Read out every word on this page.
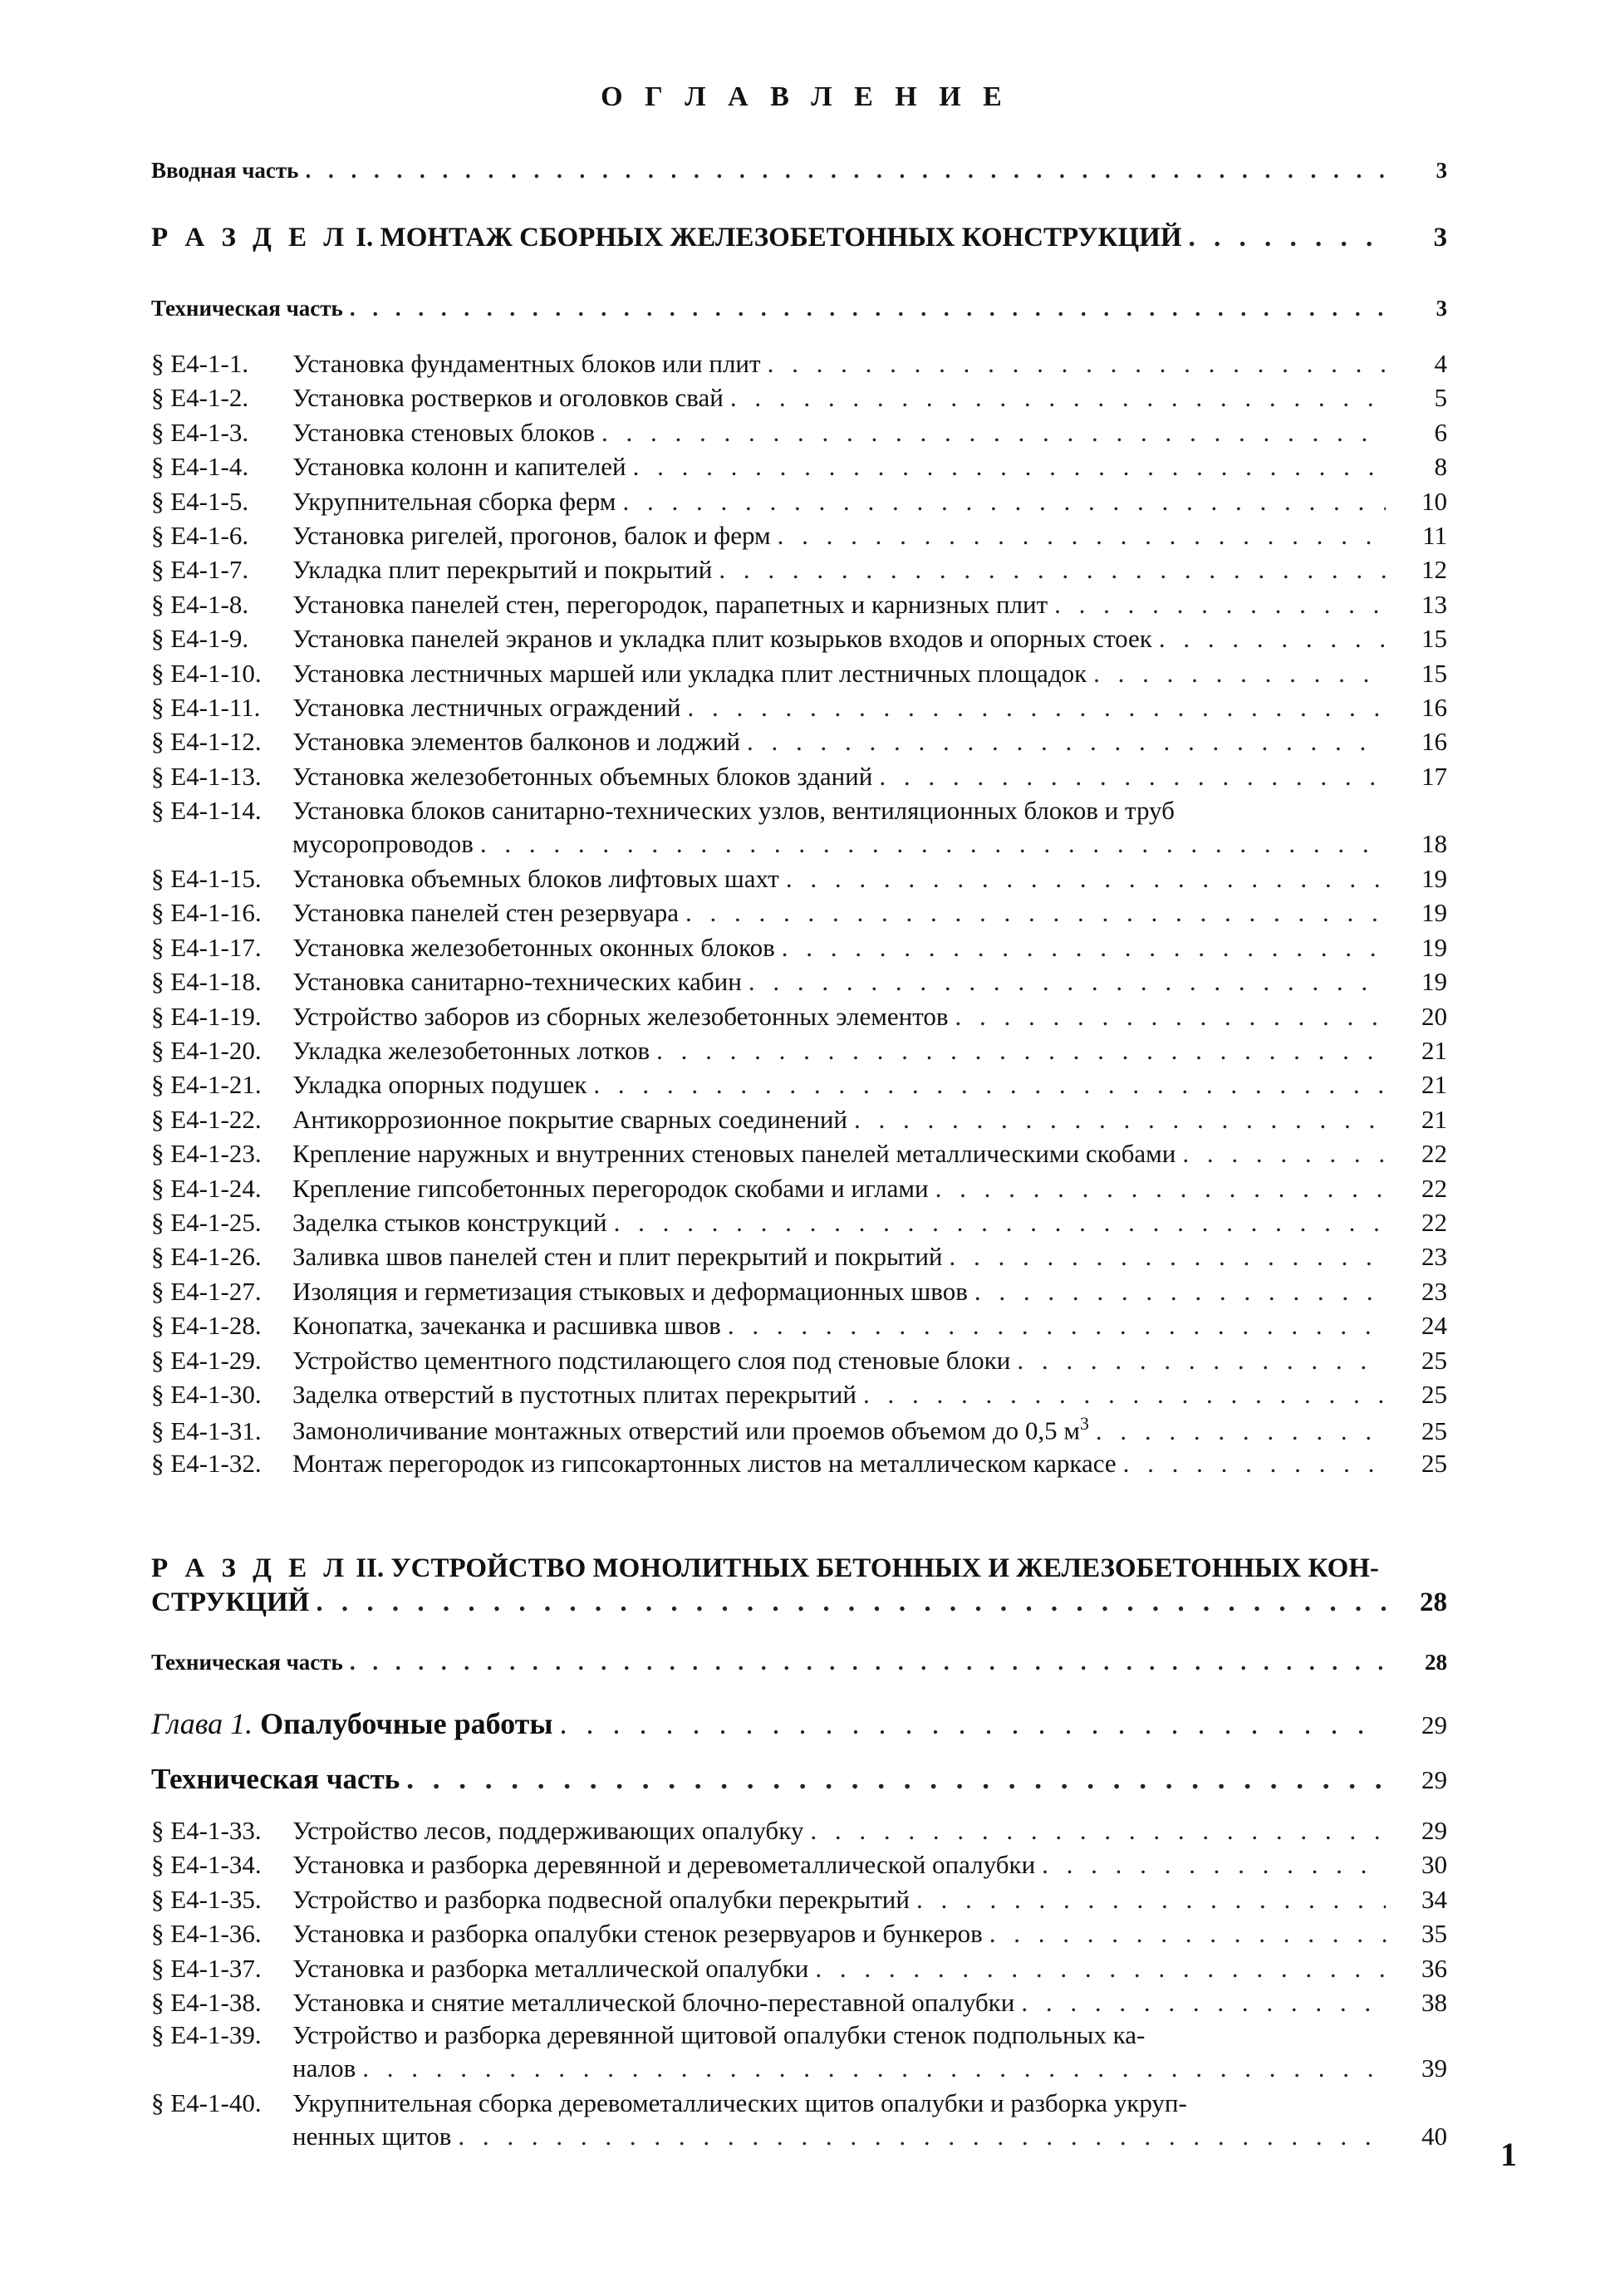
О Г Л А В Л Е Н И Е
Вводная часть . . .	3
Р А З Д Е Л I. МОНТАЖ СБОРНЫХ ЖЕЛЕЗОБЕТОННЫХ КОНСТРУКЦИЙ . . .	3
Техническая часть . . .	3
§ Е4-1-1. Установка фундаментных блоков или плит . . .	4
§ Е4-1-2. Установка ростверков и оголовков свай . . .	5
§ Е4-1-3. Установка стеновых блоков . . .	6
§ Е4-1-4. Установка колонн и капителей . . .	8
§ Е4-1-5. Укрупнительная сборка ферм . . .	10
§ Е4-1-6. Установка ригелей, прогонов, балок и ферм . . .	11
§ Е4-1-7. Укладка плит перекрытий и покрытий . . .	12
§ Е4-1-8. Установка панелей стен, перегородок, парапетных и карнизных плит . . .	13
§ Е4-1-9. Установка панелей экранов и укладка плит козырьков входов и опорных стоек . . .	15
§ Е4-1-10. Установка лестничных маршей или укладка плит лестничных площадок . . .	15
§ Е4-1-11. Установка лестничных ограждений . . .	16
§ Е4-1-12. Установка элементов балконов и лоджий . . .	16
§ Е4-1-13. Установка железобетонных объемных блоков зданий . . .	17
§ Е4-1-14. Установка блоков санитарно-технических узлов, вентиляционных блоков и труб
мусоропроводов . . .	18
§ Е4-1-15. Установка объемных блоков лифтовых шахт . . .	19
§ Е4-1-16. Установка панелей стен резервуара . . .	19
§ Е4-1-17. Установка железобетонных оконных блоков . . .	19
§ Е4-1-18. Установка санитарно-технических кабин . . .	19
§ Е4-1-19. Устройство заборов из сборных железобетонных элементов . . .	20
§ Е4-1-20. Укладка железобетонных лотков . . .	21
§ Е4-1-21. Укладка опорных подушек . . .	21
§ Е4-1-22. Антикоррозионное покрытие сварных соединений . . .	21
§ Е4-1-23. Крепление наружных и внутренних стеновых панелей металлическими скобами . . .	22
§ Е4-1-24. Крепление гипсобетонных перегородок скобами и иглами . . .	22
§ Е4-1-25. Заделка стыков конструкций . . .	22
§ Е4-1-26. Заливка швов панелей стен и плит перекрытий и покрытий . . .	23
§ Е4-1-27. Изоляция и герметизация стыковых и деформационных швов . . .	23
§ Е4-1-28. Конопатка, зачеканка и расшивка швов . . .	24
§ Е4-1-29. Устройство цементного подстилающего слоя под стеновые блоки . . .	25
§ Е4-1-30. Заделка отверстий в пустотных плитах перекрытий . . .	25
§ Е4-1-31. Замоноличивание монтажных отверстий или проемов объемом до 0,5 $м^3$ . . .	25
§ Е4-1-32. Монтаж перегородок из гипсокартонных листов на металлическом каркасе . . .	25
Р А З Д Е Л II. УСТРОЙСТВО МОНОЛИТНЫХ БЕТОННЫХ И ЖЕЛЕЗОБЕТОННЫХ КОН-
СТРУКЦИЙ . . .	28
Техническая часть . . .	28
Глава 1. Опалубочные работы . . .	29
Техническая часть . . .	29
§ Е4-1-33. Устройство лесов, поддерживающих опалубку . . .	29
§ Е4-1-34. Установка и разборка деревянной и деревометаллической опалубки . . .	30
§ Е4-1-35. Устройство и разборка подвесной опалубки перекрытий . . .	34
§ Е4-1-36. Установка и разборка опалубки стенок резервуаров и бункеров . . .	35
§ Е4-1-37. Установка и разборка металлической опалубки . . .	36
§ Е4-1-38. Установка и снятие металлической блочно-переставной опалубки . . .	38
§ Е4-1-39. Устройство и разборка деревянной щитовой опалубки стенок подпольных ка-
налов . . .	39
§ Е4-1-40. Укрупнительная сборка деревометаллических щитов опалубки и разборка укруп-
ненных щитов . . .	40 1
